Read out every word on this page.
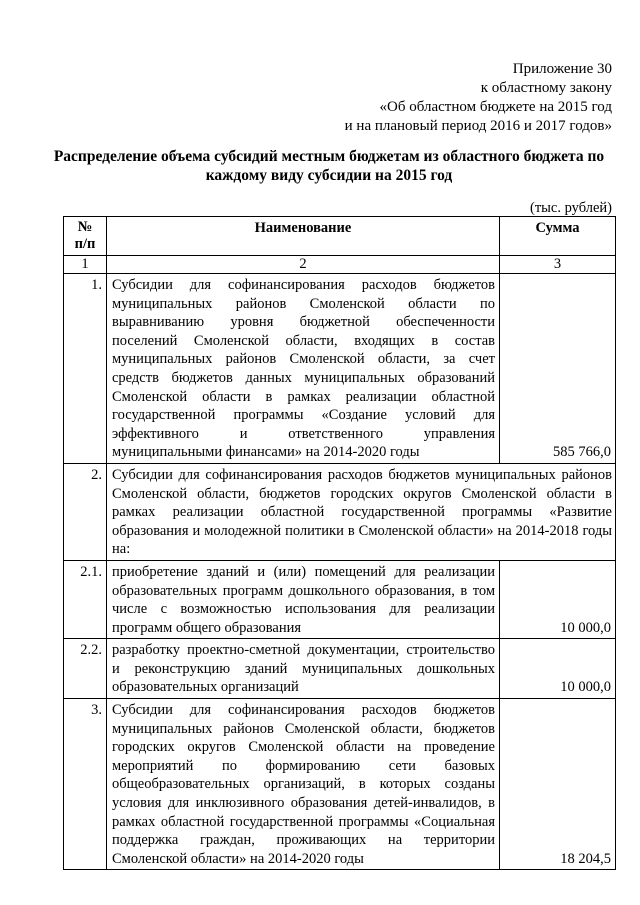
Приложение 30
к областному закону
«Об областном бюджете на 2015 год
и на плановый период 2016 и 2017 годов»
Распределение объема субсидий местным бюджетам из областного бюджета по
каждому виду субсидии на 2015 год
(тыс. рублей)
№
п/п	Наименование	Сумма
1	2	3
1.	Субсидии для софинансирования расходов бюджетов муниципальных районов Смоленской области по выравниванию уровня бюджетной обеспеченности поселений Смоленской области, входящих в состав муниципальных районов Смоленской области, за счет средств бюджетов данных муниципальных образований Смоленской области в рамках реализации областной государственной программы «Создание условий для эффективного и ответственного управления муниципальными финансами» на 2014-2020 годы	585 766,0
2.	Субсидии для софинансирования расходов бюджетов муниципальных районов Смоленской области, бюджетов городских округов Смоленской области в рамках реализации областной государственной программы «Развитие образования и молодежной политики в Смоленской области» на 2014-2018 годы на:	
2.1.	приобретение зданий и (или) помещений для реализации образовательных программ дошкольного образования, в том числе с возможностью использования для реализации программ общего образования	10 000,0
2.2.	разработку проектно-сметной документации, строительство и реконструкцию зданий муниципальных дошкольных образовательных организаций	10 000,0
3.	Субсидии для софинансирования расходов бюджетов муниципальных районов Смоленской области, бюджетов городских округов Смоленской области на проведение мероприятий по формированию сети базовых общеобразовательных организаций, в которых созданы условия для инклюзивного образования детей-инвалидов, в рамках областной государственной программы «Социальная поддержка граждан, проживающих на территории Смоленской области» на 2014-2020 годы	18 204,5
